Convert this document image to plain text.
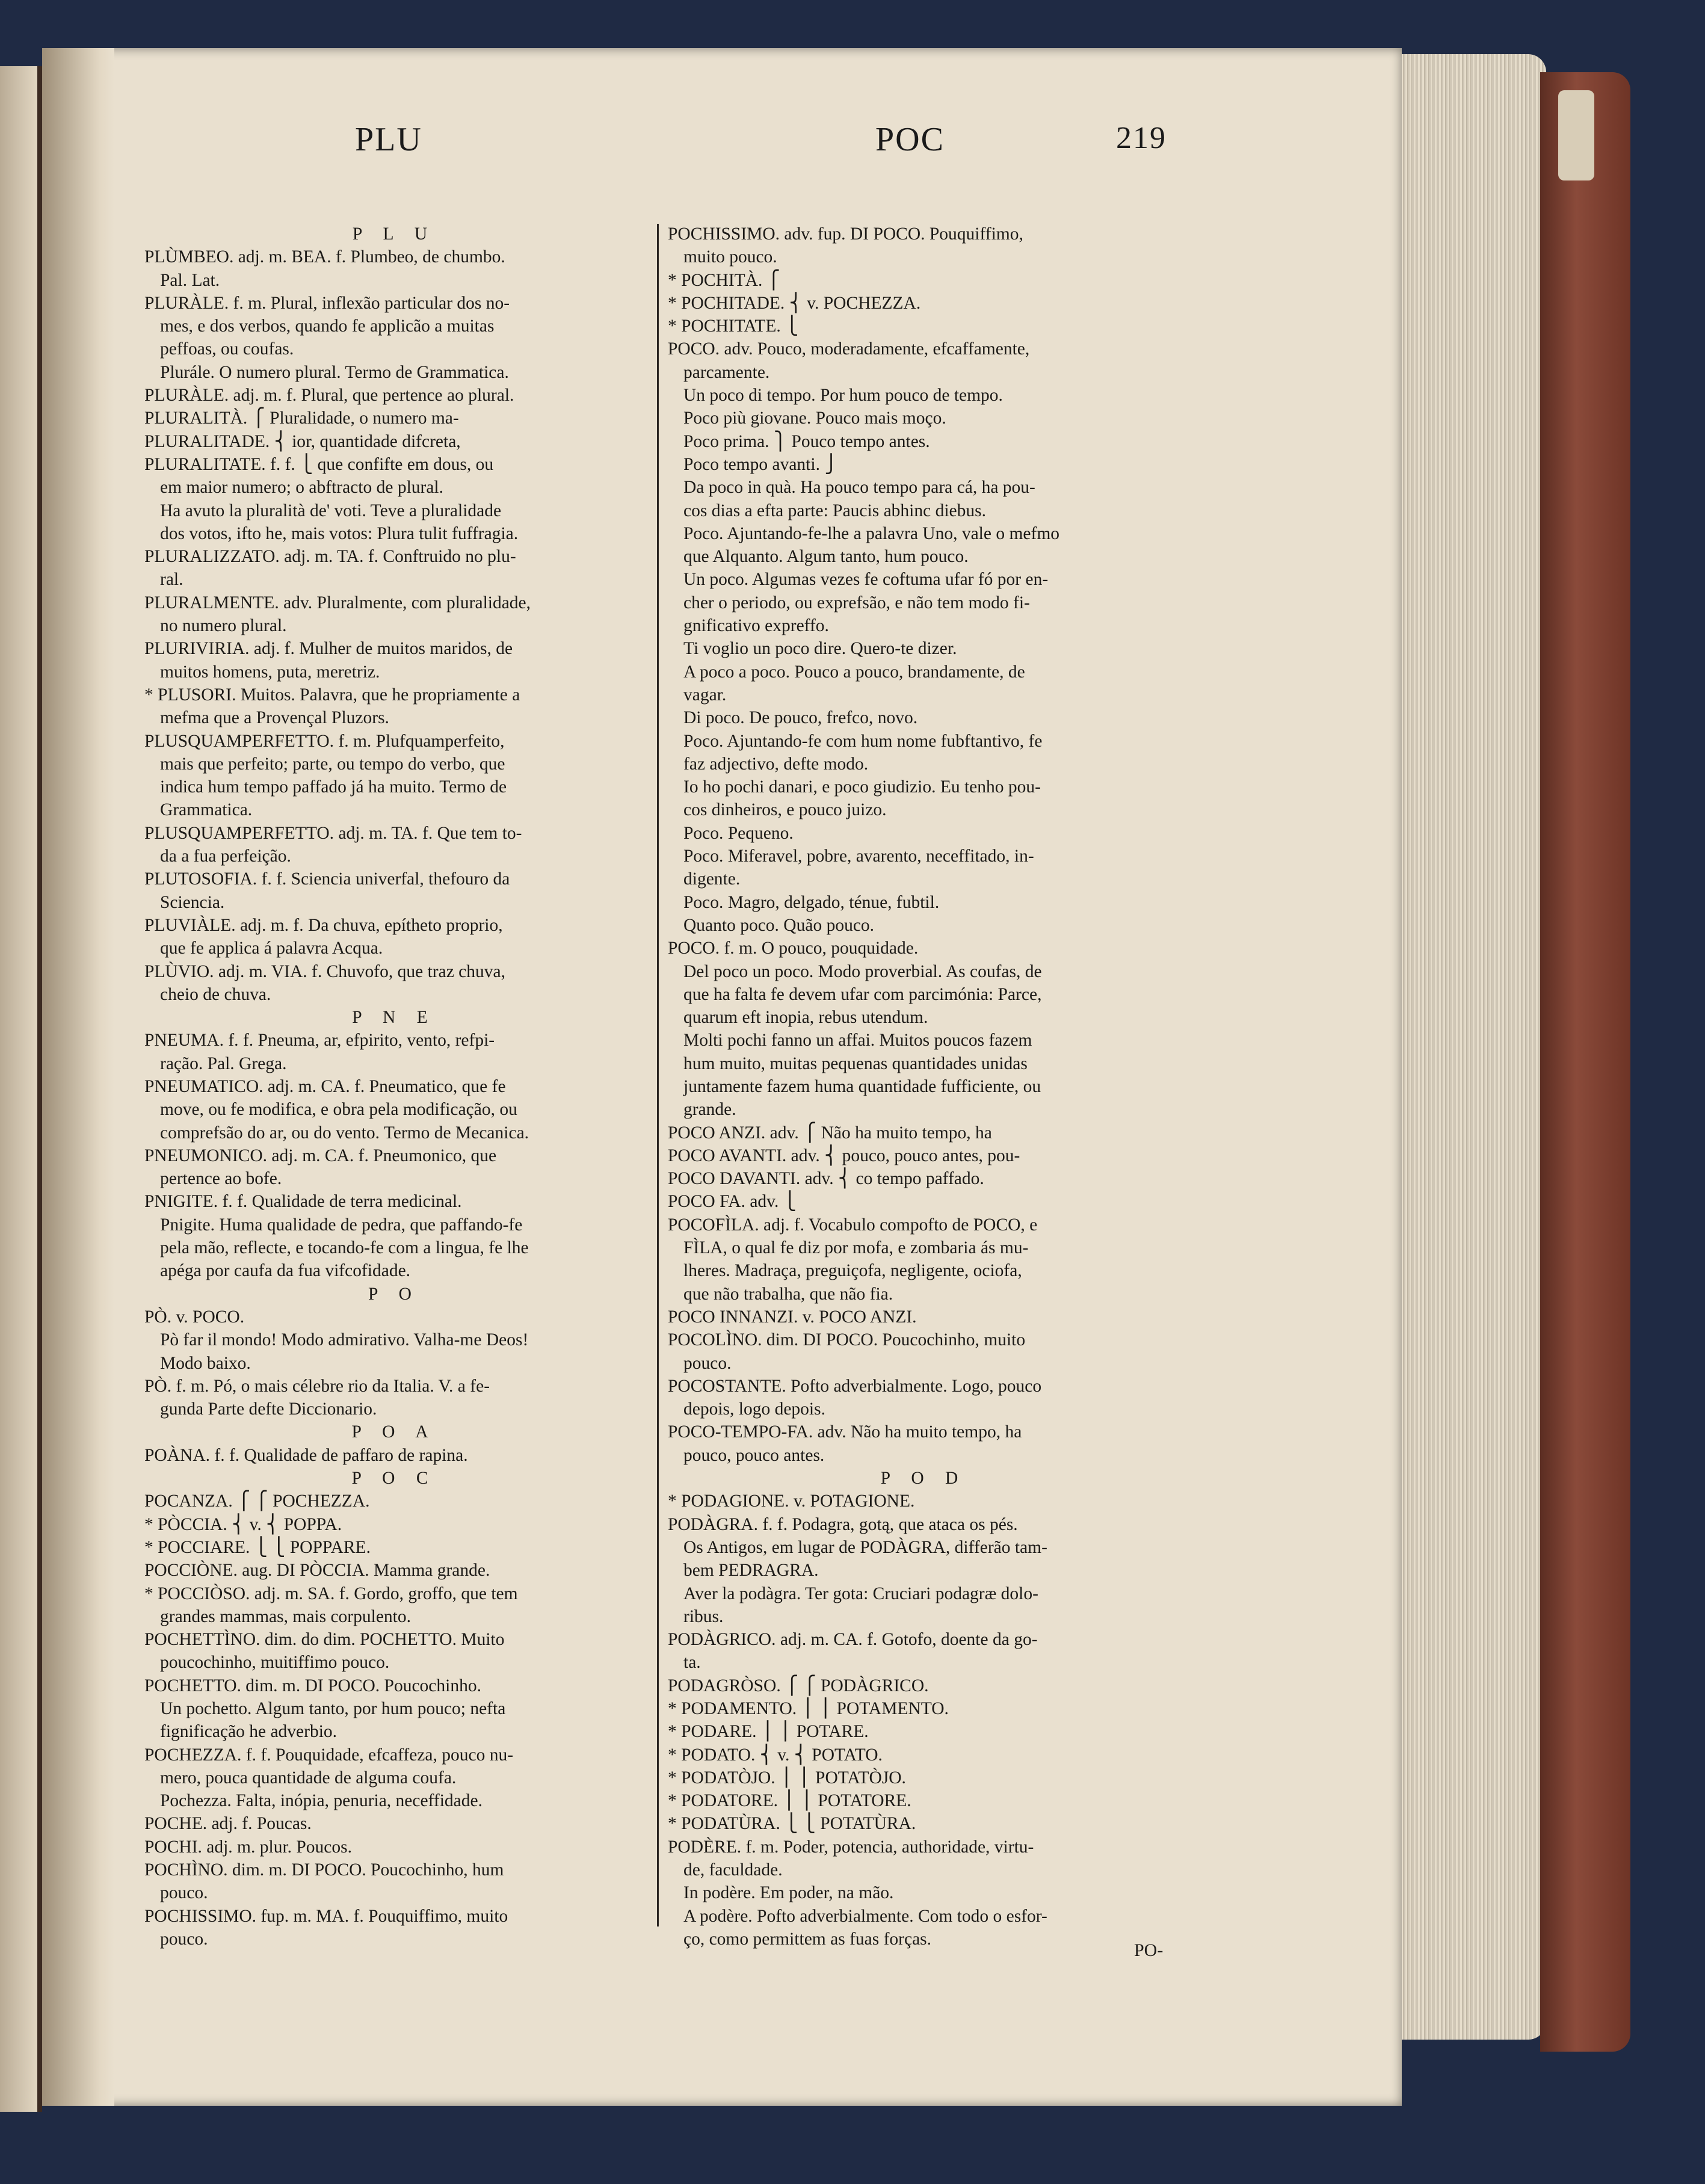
PLU	POC	219
P L U
PLÙMBEO. adj. m. BEA. f. Plumbeo, de chumbo.
Pal. Lat.
PLURÀLE. f. m. Plural, inflexão particular dos no-
mes, e dos verbos, quando fe applicão a muitas
peffoas, ou coufas.
Plurále. O numero plural. Termo de Grammatica.
PLURÀLE. adj. m. f. Plural, que pertence ao plural.
PLURALITÀ. ⎧ Pluralidade, o numero ma-
PLURALITADE. ⎨ ior, quantidade difcreta,
PLURALITATE. f. f. ⎩ que confifte em dous, ou
em maior numero; o abftracto de plural.
Ha avuto la pluralità de' voti. Teve a pluralidade
dos votos, ifto he, mais votos: Plura tulit fuffragia.
PLURALIZZATO. adj. m. TA. f. Conftruido no plu-
ral.
PLURALMENTE. adv. Pluralmente, com pluralidade,
no numero plural.
PLURIVIRIA. adj. f. Mulher de muitos maridos, de
muitos homens, puta, meretriz.
* PLUSORI. Muitos. Palavra, que he propriamente a
mefma que a Provençal Pluzors.
PLUSQUAMPERFETTO. f. m. Plufquamperfeito,
mais que perfeito; parte, ou tempo do verbo, que
indica hum tempo paffado já ha muito. Termo de
Grammatica.
PLUSQUAMPERFETTO. adj. m. TA. f. Que tem to-
da a fua perfeição.
PLUTOSOFIA. f. f. Sciencia univerfal, thefouro da
Sciencia.
PLUVIÀLE. adj. m. f. Da chuva, epítheto proprio,
que fe applica á palavra Acqua.
PLÙVIO. adj. m. VIA. f. Chuvofo, que traz chuva,
cheio de chuva.
P N E
PNEUMA. f. f. Pneuma, ar, efpirito, vento, refpi-
ração. Pal. Grega.
PNEUMATICO. adj. m. CA. f. Pneumatico, que fe
move, ou fe modifica, e obra pela modificação, ou
comprefsão do ar, ou do vento. Termo de Mecanica.
PNEUMONICO. adj. m. CA. f. Pneumonico, que
pertence ao bofe.
PNIGITE. f. f. Qualidade de terra medicinal.
Pnigite. Huma qualidade de pedra, que paffando-fe
pela mão, reflecte, e tocando-fe com a lingua, fe lhe
apéga por caufa da fua vifcofidade.
P O
PÒ. v. POCO.
Pò far il mondo! Modo admirativo. Valha-me Deos!
Modo baixo.
PÒ. f. m. Pó, o mais célebre rio da Italia. V. a fe-
gunda Parte defte Diccionario.
P O A
POÀNA. f. f. Qualidade de paffaro de rapina.
P O C
POCANZA. ⎧ ⎧ POCHEZZA.
* PÒCCIA. ⎨ v. ⎨ POPPA.
* POCCIARE. ⎩ ⎩ POPPARE.
POCCIÒNE. aug. DI PÒCCIA. Mamma grande.
* POCCIÒSO. adj. m. SA. f. Gordo, groffo, que tem
grandes mammas, mais corpulento.
POCHETTÌNO. dim. do dim. POCHETTO. Muito
poucochinho, muitiffimo pouco.
POCHETTO. dim. m. DI POCO. Poucochinho.
Un pochetto. Algum tanto, por hum pouco; nefta
fignificação he adverbio.
POCHEZZA. f. f. Pouquidade, efcaffeza, pouco nu-
mero, pouca quantidade de alguma coufa.
Pochezza. Falta, inópia, penuria, neceffidade.
POCHE. adj. f. Poucas.
POCHI. adj. m. plur. Poucos.
POCHÌNO. dim. m. DI POCO. Poucochinho, hum
pouco.
POCHISSIMO. fup. m. MA. f. Pouquiffimo, muito
pouco.
POCHISSIMO. adv. fup. DI POCO. Pouquiffimo,
muito pouco.
* POCHITÀ. ⎧
* POCHITADE. ⎨ v. POCHEZZA.
* POCHITATE. ⎩
POCO. adv. Pouco, moderadamente, efcaffamente,
parcamente.
Un poco di tempo. Por hum pouco de tempo.
Poco più giovane. Pouco mais moço.
Poco prima. ⎫ Pouco tempo antes.
Poco tempo avanti. ⎭
Da poco in quà. Ha pouco tempo para cá, ha pou-
cos dias a efta parte: Paucis abhinc diebus.
Poco. Ajuntando-fe-lhe a palavra Uno, vale o mefmo
que Alquanto. Algum tanto, hum pouco.
Un poco. Algumas vezes fe coftuma ufar fó por en-
cher o periodo, ou exprefsão, e não tem modo fi-
gnificativo expreffo.
Ti voglio un poco dire. Quero-te dizer.
A poco a poco. Pouco a pouco, brandamente, de
vagar.
Di poco. De pouco, frefco, novo.
Poco. Ajuntando-fe com hum nome fubftantivo, fe
faz adjectivo, defte modo.
Io ho pochi danari, e poco giudizio. Eu tenho pou-
cos dinheiros, e pouco juizo.
Poco. Pequeno.
Poco. Miferavel, pobre, avarento, neceffitado, in-
digente.
Poco. Magro, delgado, ténue, fubtil.
Quanto poco. Quão pouco.
POCO. f. m. O pouco, pouquidade.
Del poco un poco. Modo proverbial. As coufas, de
que ha falta fe devem ufar com parcimónia: Parce,
quarum eft inopia, rebus utendum.
Molti pochi fanno un affai. Muitos poucos fazem
hum muito, muitas pequenas quantidades unidas
juntamente fazem huma quantidade fufficiente, ou
grande.
POCO ANZI. adv. ⎧ Não ha muito tempo, ha
POCO AVANTI. adv. ⎨ pouco, pouco antes, pou-
POCO DAVANTI. adv. ⎨ co tempo paffado.
POCO FA. adv. ⎩
POCOFÌLA. adj. f. Vocabulo compofto de POCO, e
FÌLA, o qual fe diz por mofa, e zombaria ás mu-
lheres. Madraça, preguiçofa, negligente, ociofa,
que não trabalha, que não fia.
POCO INNANZI. v. POCO ANZI.
POCOLÌNO. dim. DI POCO. Poucochinho, muito
pouco.
POCOSTANTE. Pofto adverbialmente. Logo, pouco
depois, logo depois.
POCO-TEMPO-FA. adv. Não ha muito tempo, ha
pouco, pouco antes.
P O D
* PODAGIONE. v. POTAGIONE.
PODÀGRA. f. f. Podagra, gotą, que ataca os pés.
Os Antigos, em lugar de PODÀGRA, differão tam-
bem PEDRAGRA.
Aver la podàgra. Ter gota: Cruciari podagræ dolo-
ribus.
PODÀGRICO. adj. m. CA. f. Gotofo, doente da go-
ta.
PODAGRÒSO. ⎧ ⎧ PODÀGRICO.
* PODAMENTO. ⎪ ⎪ POTAMENTO.
* PODARE. ⎪ ⎪ POTARE.
* PODATO. ⎨ v. ⎨ POTATO.
* PODATÒJO. ⎪ ⎪ POTATÒJO.
* PODATORE. ⎪ ⎪ POTATORE.
* PODATÙRA. ⎩ ⎩ POTATÙRA.
PODÈRE. f. m. Poder, potencia, authoridade, virtu-
de, faculdade.
In podère. Em poder, na mão.
A podère. Pofto adverbialmente. Com todo o esfor-
ço, como permittem as fuas forças.
PO-
